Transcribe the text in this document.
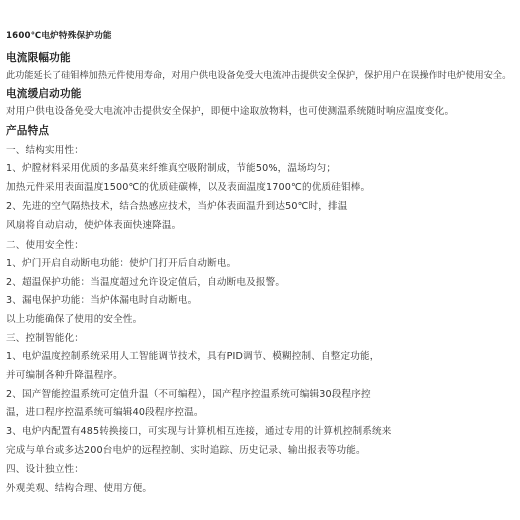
1600℃电炉特殊保护功能
电流限幅功能
此功能延长了硅钼棒加热元件使用寿命，对用户供电设备免受大电流冲击提供安全保护，保护用户在误操作时电炉使用安全。
电流缓启动功能
对用户供电设备免受大电流冲击提供安全保护，即便中途取放物料，也可使测温系统随时响应温度变化。
产品特点
一、结构实用性：
1、炉膛材料采用优质的多晶莫来纤维真空吸附制成，节能50%，温场均匀；
加热元件采用表面温度1500℃的优质硅碳棒，以及表面温度1700℃的优质硅钼棒。
2、先进的空气隔热技术，结合热感应技术，当炉体表面温升到达50℃时，排温
风扇将自动启动，使炉体表面快速降温。
二、使用安全性：
1、炉门开启自动断电功能：使炉门打开后自动断电。
2、超温保护功能：当温度超过允许设定值后，自动断电及报警。
3、漏电保护功能：当炉体漏电时自动断电。
以上功能确保了使用的安全性。
三、控制智能化：
1、电炉温度控制系统采用人工智能调节技术，具有PID调节、模糊控制、自整定功能，
并可编制各种升降温程序。
2、国产智能控温系统可定值升温（不可编程），国产程序控温系统可编辑30段程序控
温，进口程序控温系统可编辑40段程序控温。
3、电炉内配置有485转换接口，可实现与计算机相互连接，通过专用的计算机控制系统来
完成与单台或多达200台电炉的远程控制、实时追踪、历史记录、输出报表等功能。
四、设计独立性：
外观美观、结构合理、使用方便。
